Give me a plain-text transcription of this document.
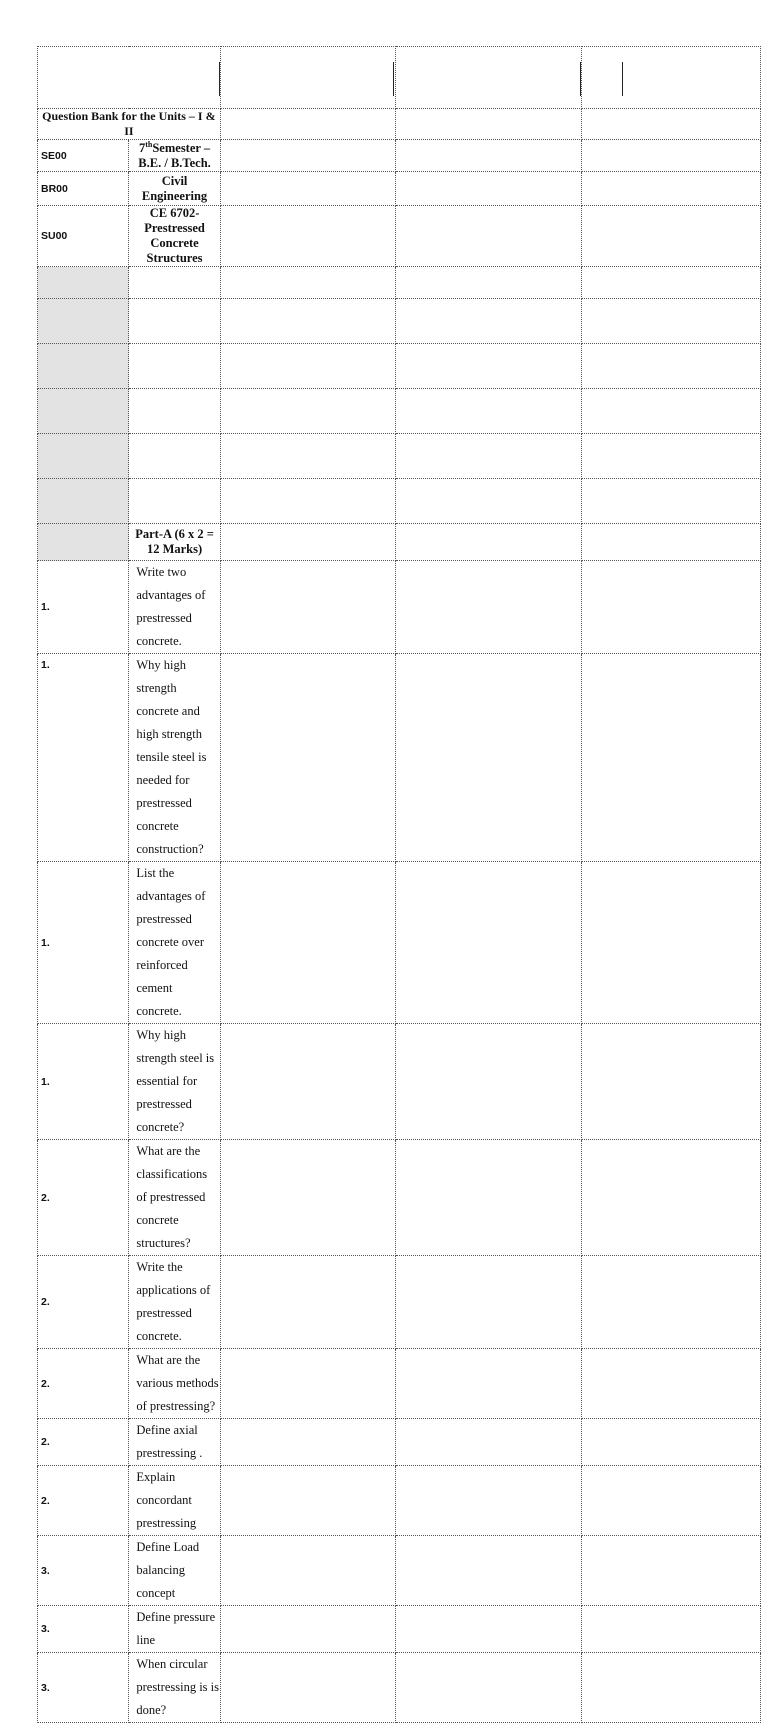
Question Bank for the Units – I & II				
SE00	7thSemester – B.E. / B.Tech.			
BR00	Civil Engineering			
SU00	CE 6702- Prestressed Concrete Structures			

	Part-A (6 x 2 = 12 Marks)			
1.	Write two advantages of prestressed concrete.			
1.	Why high strength concrete and high strength tensile steel is needed for prestressed concrete construction?			
1.	List the advantages of prestressed concrete over reinforced cement concrete.			
1.	Why high strength steel is essential for prestressed concrete?			
2.	What are the classifications of prestressed concrete structures?			
2.	Write the applications of prestressed concrete.			
2.	What are the various methods of prestressing?			
2.	Define axial prestressing .			
2.	Explain concordant prestressing			
3.	Define Load balancing concept			
3.	Define pressure line			
3.	When circular prestressing is is done?			
